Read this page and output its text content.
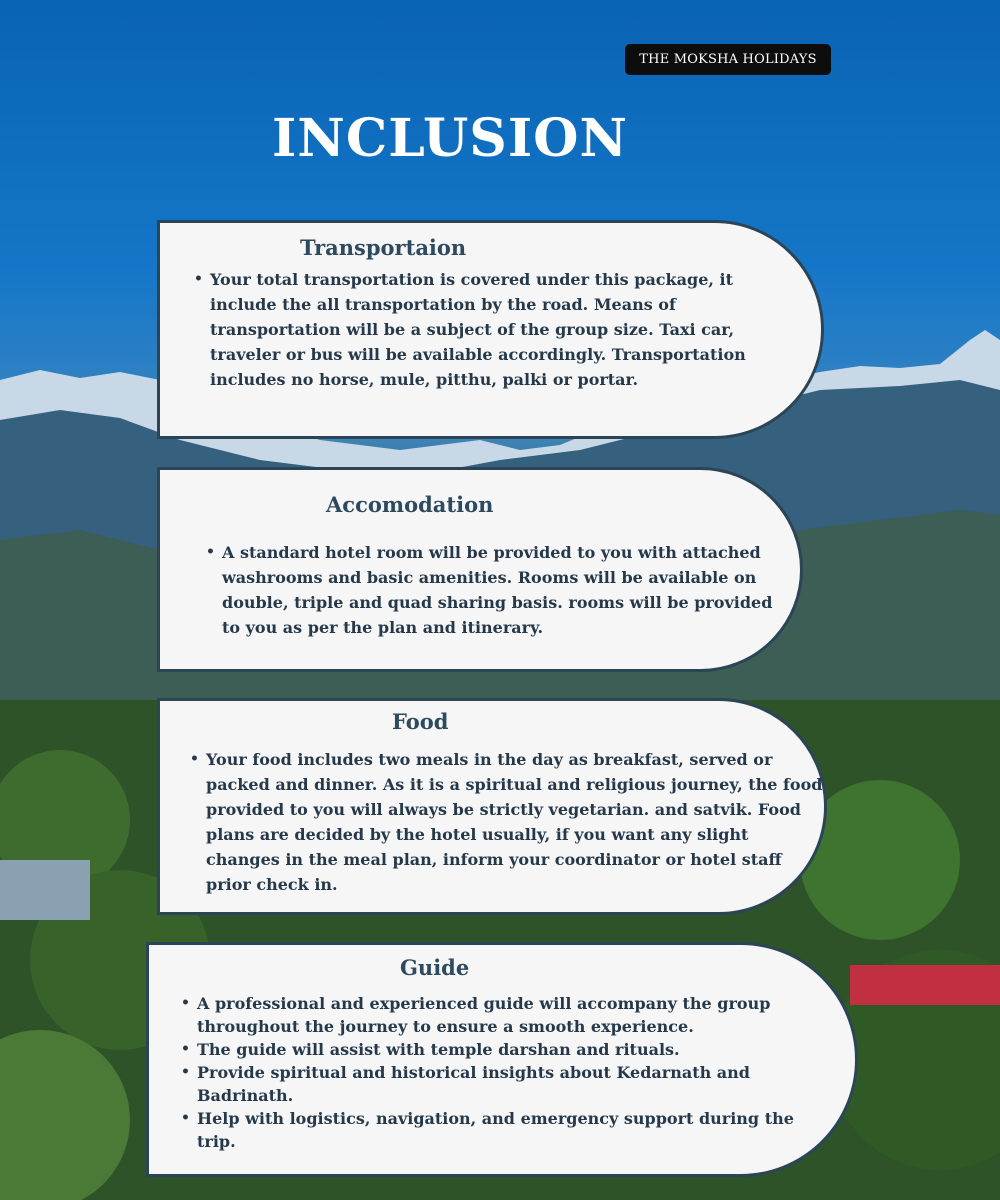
THE MOKSHA HOLIDAYS
INCLUSION
Transportaion
• Your total transportation is covered under this package, it include the all transportation by the road. Means of transportation will be a subject of the group size. Taxi car, traveler or bus will be available accordingly. Transportation includes no horse, mule, pitthu, palki or portar.
Accomodation
• A standard hotel room will be provided to you with attached washrooms and basic amenities. Rooms will be available on double, triple and quad sharing basis. rooms will be provided to you as per the plan and itinerary.
Food
• Your food includes two meals in the day as breakfast, served or packed and dinner. As it is a spiritual and religious journey, the food provided to you will always be strictly vegetarian. and satvik. Food plans are decided by the hotel usually, if you want any slight changes in the meal plan, inform your coordinator or hotel staff prior check in.
Guide
• A professional and experienced guide will accompany the group throughout the journey to ensure a smooth experience.
• The guide will assist with temple darshan and rituals.
• Provide spiritual and historical insights about Kedarnath and Badrinath.
• Help with logistics, navigation, and emergency support during the trip.
